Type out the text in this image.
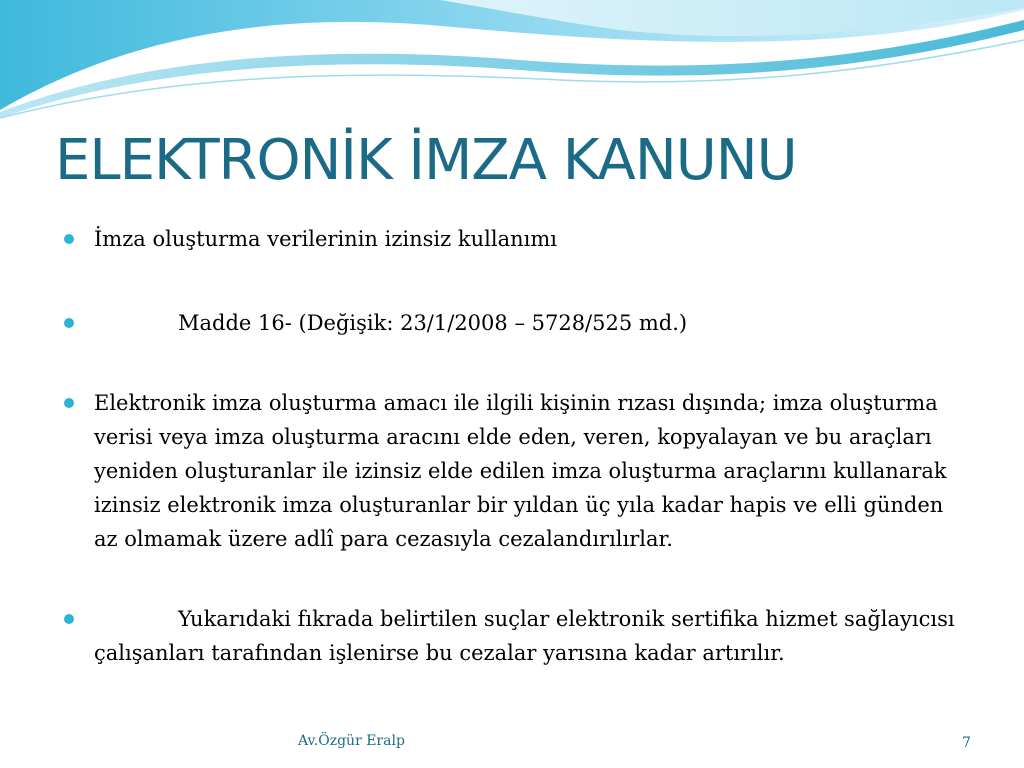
ELEKTRONİK İMZA KANUNU
İmza oluşturma verilerinin izinsiz kullanımı
Madde 16- (Değişik: 23/1/2008 – 5728/525 md.)
Elektronik imza oluşturma amacı ile ilgili kişinin rızası dışında; imza oluşturma verisi veya imza oluşturma aracını elde eden, veren, kopyalayan ve bu araçları yeniden oluşturanlar ile izinsiz elde edilen imza oluşturma araçlarını kullanarak izinsiz elektronik imza oluşturanlar bir yıldan üç yıla kadar hapis ve elli günden az olmamak üzere adlî para cezasıyla cezalandırılırlar.
Yukarıdaki fıkrada belirtilen suçlar elektronik sertifika hizmet sağlayıcısı çalışanları tarafından işlenirse bu cezalar yarısına kadar artırılır.
Av.Özgür Eralp	7
